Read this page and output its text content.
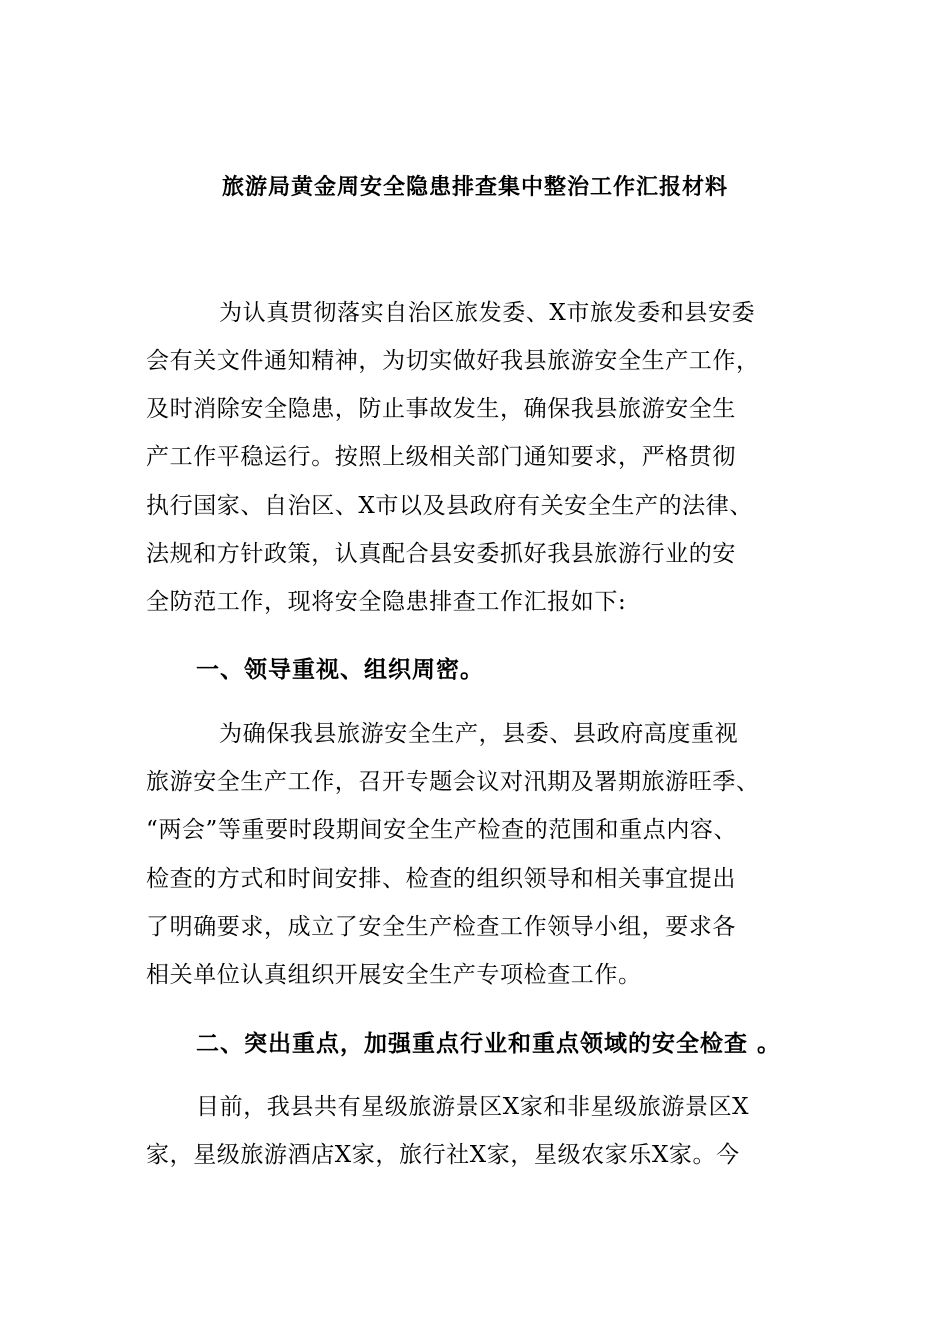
旅游局黄金周安全隐患排查集中整治工作汇报材料
为认真贯彻落实自治区旅发委、X市旅发委和县安委
会有关文件通知精神，为切实做好我县旅游安全生产工作，
及时消除安全隐患，防止事故发生，确保我县旅游安全生
产工作平稳运行。按照上级相关部门通知要求，严格贯彻
执行国家、自治区、X市以及县政府有关安全生产的法律、
法规和方针政策，认真配合县安委抓好我县旅游行业的安
全防范工作，现将安全隐患排查工作汇报如下:
一、领导重视、组织周密。
为确保我县旅游安全生产，县委、县政府高度重视
旅游安全生产工作，召开专题会议对汛期及署期旅游旺季、
“两会”等重要时段期间安全生产检查的范围和重点内容、
检查的方式和时间安排、检查的组织领导和相关事宜提出
了明确要求，成立了安全生产检查工作领导小组，要求各
相关单位认真组织开展安全生产专项检查工作。
二、突出重点，加强重点行业和重点领域的安全检查 。
目前，我县共有星级旅游景区X家和非星级旅游景区X
家，星级旅游酒店X家，旅行社X家，星级农家乐X家。今
